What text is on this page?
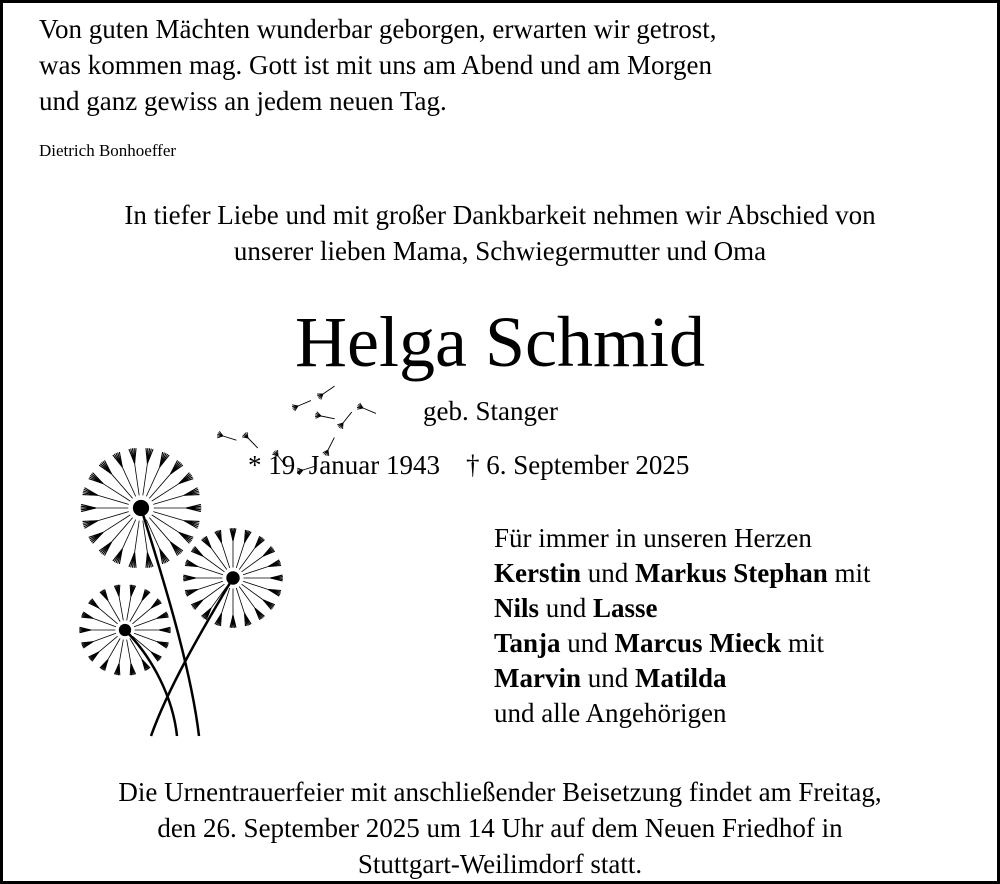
Von guten Mächten wunderbar geborgen, erwarten wir getrost,
was kommen mag. Gott ist mit uns am Abend und am Morgen
und ganz gewiss an jedem neuen Tag.
Dietrich Bonhoeffer
In tiefer Liebe und mit großer Dankbarkeit nehmen wir Abschied von
unserer lieben Mama, Schwiegermutter und Oma
Helga Schmid
geb. Stanger
* 19. Januar 1943 † 6. September 2025
Für immer in unseren Herzen
Kerstin und Markus Stephan mit
Nils und Lasse
Tanja und Marcus Mieck mit
Marvin und Matilda
und alle Angehörigen
Die Urnentrauerfeier mit anschließender Beisetzung findet am Freitag,
den 26. September 2025 um 14 Uhr auf dem Neuen Friedhof in
Stuttgart-Weilimdorf statt.
